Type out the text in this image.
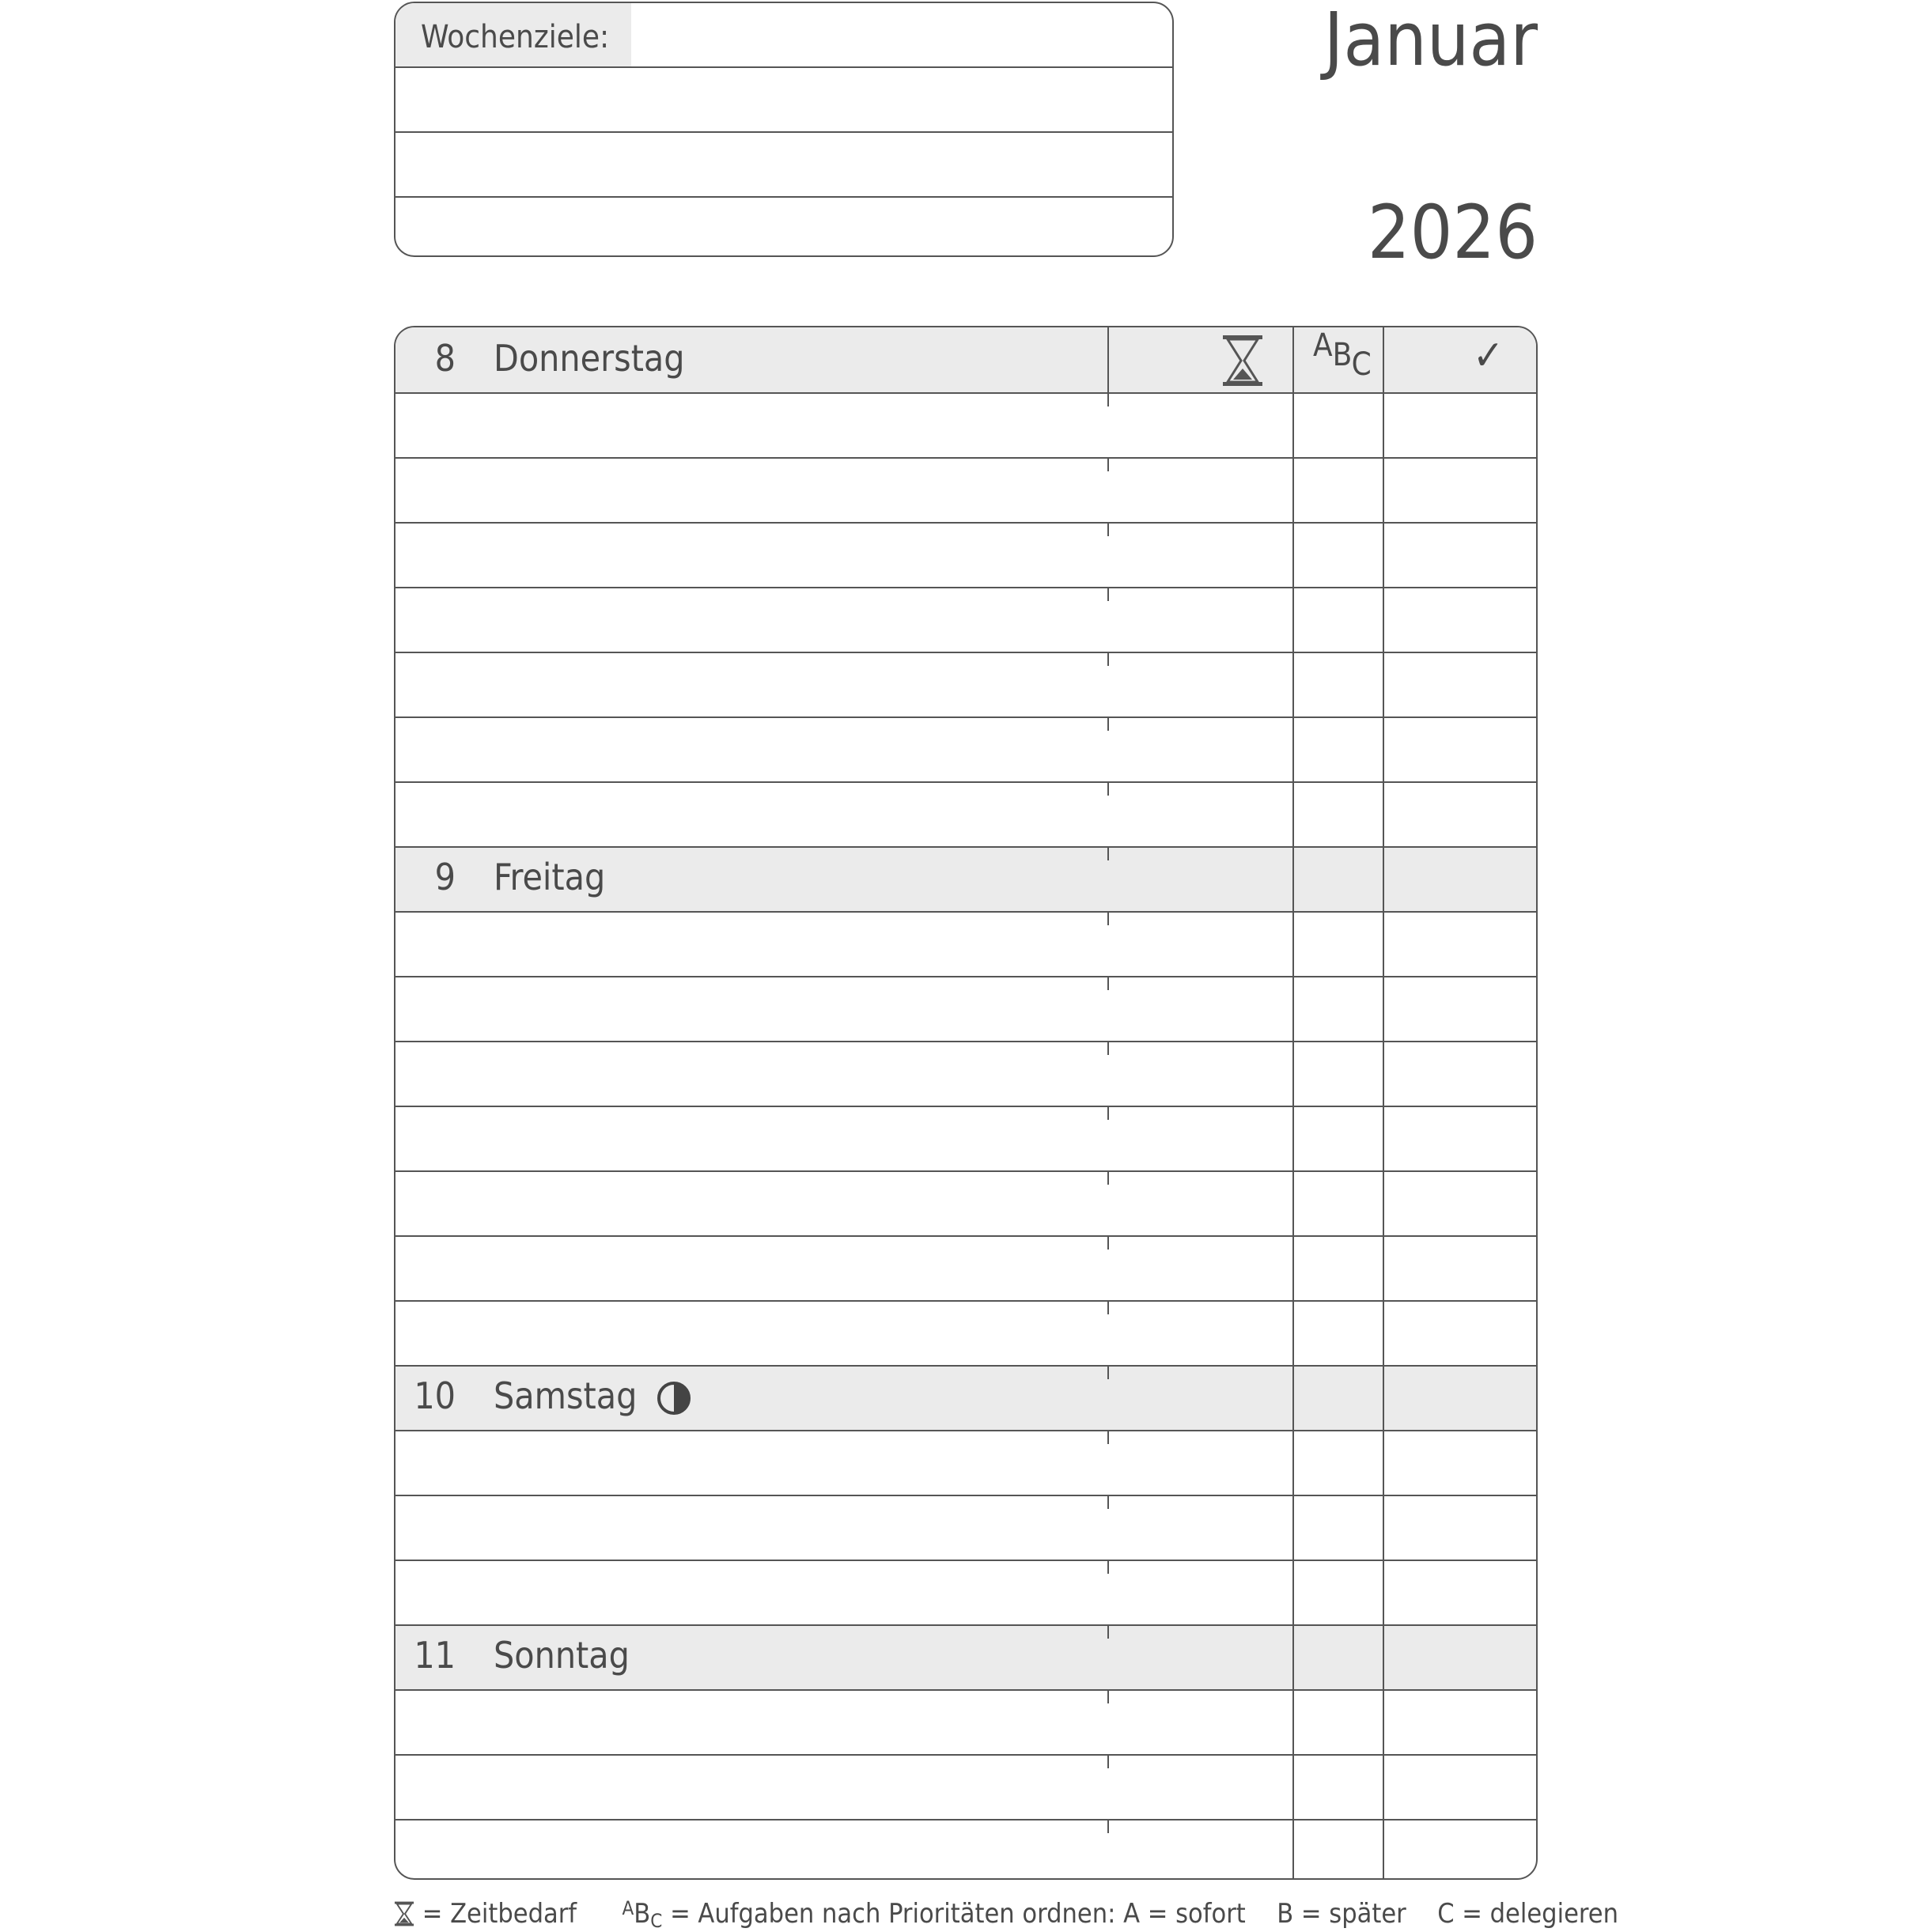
Wochenziele:	Januar
2026
ABC ✓
8 Donnerstag
9 Freitag
10 Samstag
11 Sonntag
= Zeitbedarf ABC = Aufgaben nach Prioritäten ordnen: A = sofort B = später C = delegieren
